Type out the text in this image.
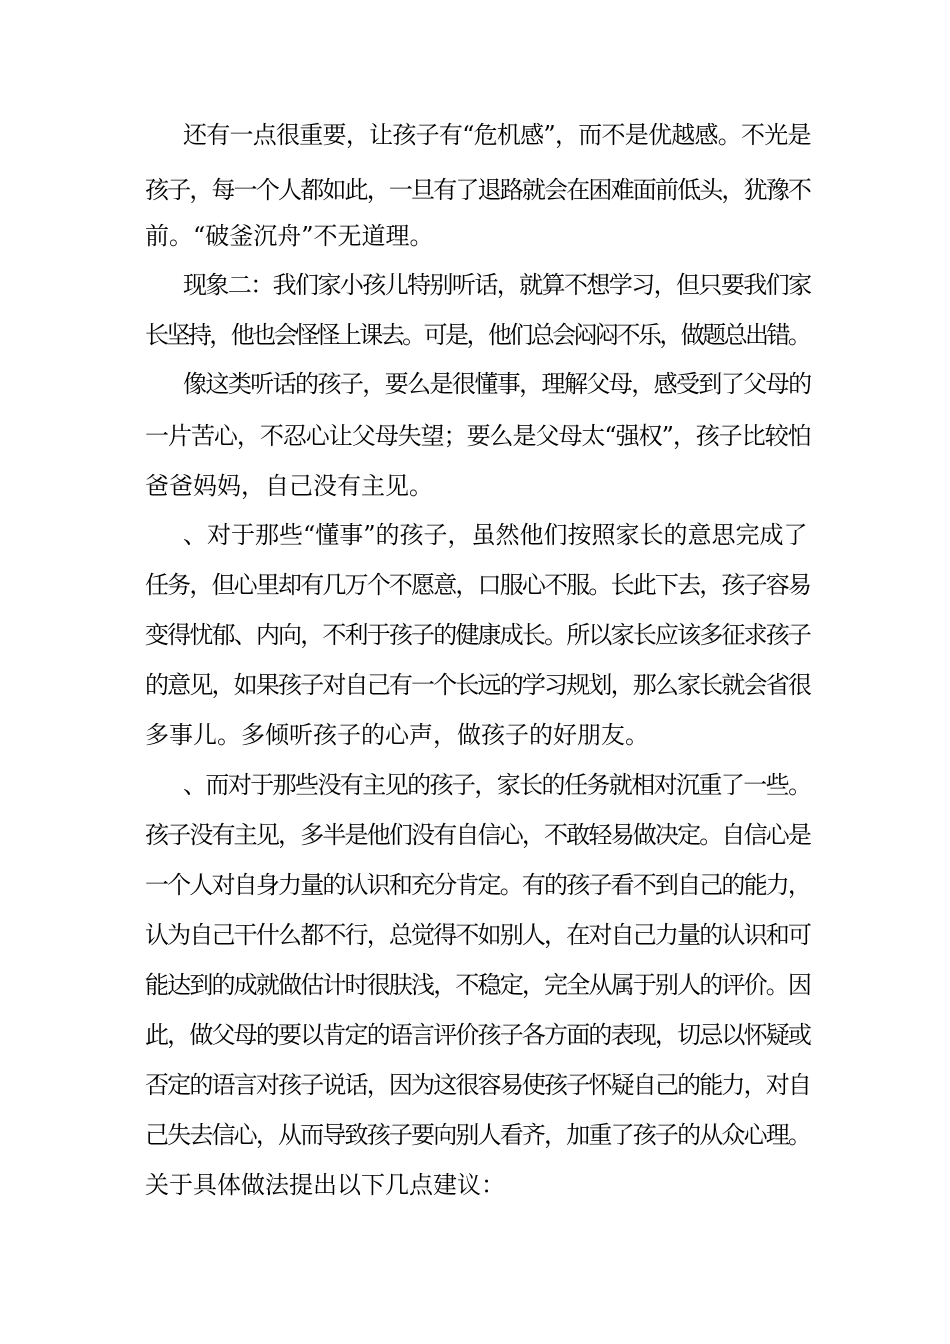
还有一点很重要，让孩子有“危机感”，而不是优越感。不光是
孩子，每一个人都如此，一旦有了退路就会在困难面前低头，犹豫不
前。“破釜沉舟”不无道理。
现象二：我们家小孩儿特别听话，就算不想学习，但只要我们家
长坚持，他也会怪怪上课去。可是，他们总会闷闷不乐，做题总出错。
像这类听话的孩子，要么是很懂事，理解父母，感受到了父母的
一片苦心，不忍心让父母失望；要么是父母太“强权”，孩子比较怕
爸爸妈妈，自己没有主见。
、对于那些“懂事”的孩子，虽然他们按照家长的意思完成了
任务，但心里却有几万个不愿意，口服心不服。长此下去，孩子容易
变得忧郁、内向，不利于孩子的健康成长。所以家长应该多征求孩子
的意见，如果孩子对自己有一个长远的学习规划，那么家长就会省很
多事儿。多倾听孩子的心声，做孩子的好朋友。
、而对于那些没有主见的孩子，家长的任务就相对沉重了一些。
孩子没有主见，多半是他们没有自信心，不敢轻易做决定。自信心是
一个人对自身力量的认识和充分肯定。有的孩子看不到自己的能力，
认为自己干什么都不行，总觉得不如别人，在对自己力量的认识和可
能达到的成就做估计时很肤浅，不稳定，完全从属于别人的评价。因
此，做父母的要以肯定的语言评价孩子各方面的表现，切忌以怀疑或
否定的语言对孩子说话，因为这很容易使孩子怀疑自己的能力，对自
己失去信心，从而导致孩子要向别人看齐，加重了孩子的从众心理。
关于具体做法提出以下几点建议：
